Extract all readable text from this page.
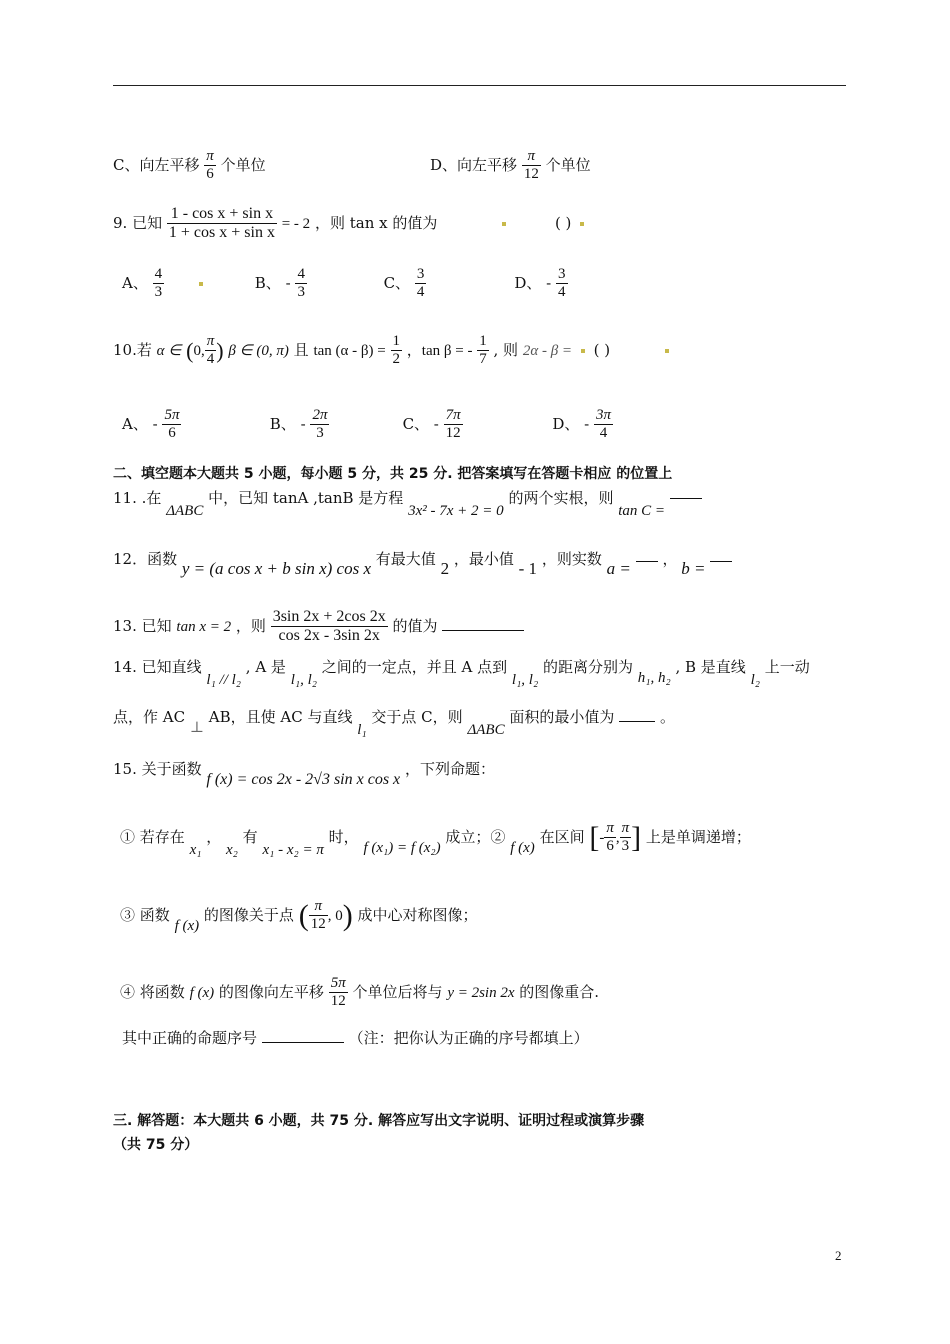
C、向左平移 $\frac{\pi}{6}$ 个单位	D、向左平移 $\frac{\pi}{12}$ 个单位
9. 已知 $\frac{\text{1 - cos x + sin x}}{\text{1 + cos x + sin x}}$ = - 2 ，则 tan x 的值为	( )
A、 $\frac{4}{3}$	B、 - $\frac{4}{3}$	C、 $\frac{3}{4}$	D、 - $\frac{3}{4}$
10.若 α ∈ (0, $\frac{\pi}{4}$ ) β ∈ (0, π) 且 $\tan (\alpha - \beta) = \frac{1}{2}$ ，tan β = - $\frac{1}{7}$ , 则 2α - β = ( )
A、 - $\frac{5\pi}{6}$	B、 - $\frac{2\pi}{3}$	C、 - $\frac{7\pi}{12}$	D、 - $\frac{3\pi}{4}$
二、填空题本大题共 5 小题，每小题 5 分，共 25 分. 把答案填写在答题卡相应 的位置上
11. .在 ΔABC 中，已知 tanA ,tanB 是方程 3x² - 7x + 2 = 0 的两个实根，则 tan C =
12．函数 y = (a cos x + b sin x) cos x 有最大值 2 ，最小值 - 1 ，则实数 a = ， b =
13. 已知 tan x = 2 ，则 $\frac{3\sin 2x + 2\cos 2x}{\cos 2x - 3\sin 2x}$ 的值为
14. 已知直线 l₁ // l₂ , A 是 l₁, l₂ 之间的一定点，并且 A 点到 l₁, l₂ 的距离分别为 h₁, h₂ , B 是直线 l₂ 上一动
点，作 AC ⊥ AB，且使 AC 与直线 l₁ 交于点 C，则 ΔABC 面积的最小值为	。
15. 关于函数 f (x) = cos 2x - 2√3 sin x cos x ，下列命题：
① 若存在 x₁ ， x₂ 有 x₁ - x₂ = π 时， f (x₁) = f (x₂) 成立；② f (x) 在区间 [- $\frac{\pi}{6}$ , $\frac{\pi}{3}$ ] 上是单调递增；
③ 函数 f (x) 的图像关于点 ( $\frac{\pi}{12}$ , 0) 成中心对称图像；
④ 将函数 f (x) 的图像向左平移 $\frac{5\pi}{12}$ 个单位后将与 y = 2sin 2x 的图像重合.
其中正确的命题序号	（注：把你认为正确的序号都填上）
三. 解答题：本大题共 6 小题，共 75 分. 解答应写出文字说明、证明过程或演算步骤
（共 75 分）
2
